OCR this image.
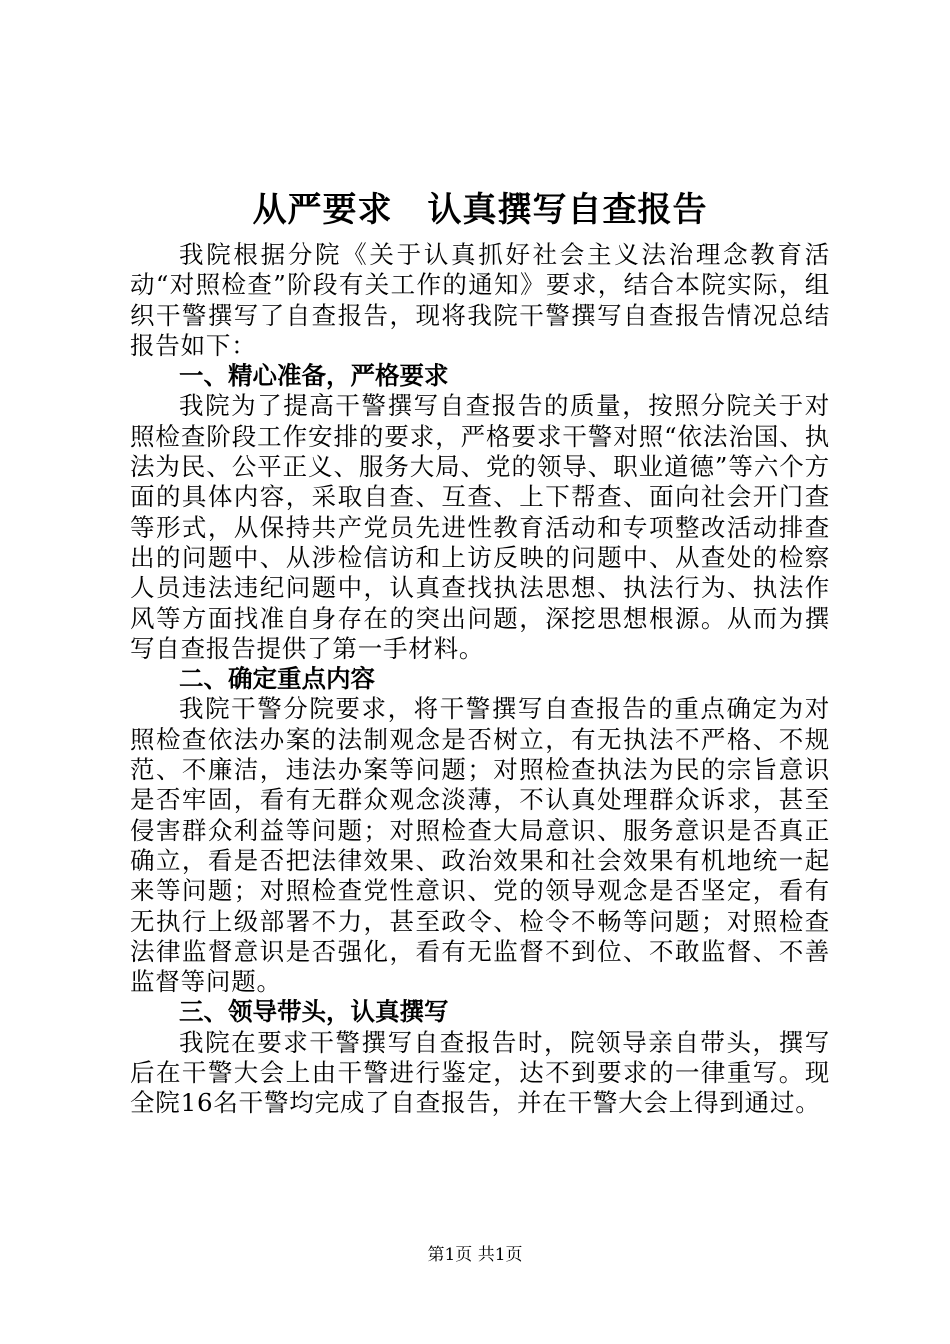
从严要求　认真撰写自查报告

我院根据分院《关于认真抓好社会主义法治理念教育活动“对照检查”阶段有关工作的通知》要求，结合本院实际，组织干警撰写了自查报告，现将我院干警撰写自查报告情况总结报告如下：

一、精心准备，严格要求

我院为了提高干警撰写自查报告的质量，按照分院关于对照检查阶段工作安排的要求，严格要求干警对照“依法治国、执法为民、公平正义、服务大局、党的领导、职业道德”等六个方面的具体内容，采取自查、互查、上下帮查、面向社会开门查等形式，从保持共产党员先进性教育活动和专项整改活动排查出的问题中、从涉检信访和上访反映的问题中、从查处的检察人员违法违纪问题中，认真查找执法思想、执法行为、执法作风等方面找准自身存在的突出问题，深挖思想根源。从而为撰写自查报告提供了第一手材料。

二、确定重点内容

我院干警分院要求，将干警撰写自查报告的重点确定为对照检查依法办案的法制观念是否树立，有无执法不严格、不规范、不廉洁，违法办案等问题；对照检查执法为民的宗旨意识是否牢固，看有无群众观念淡薄，不认真处理群众诉求，甚至侵害群众利益等问题；对照检查大局意识、服务意识是否真正确立，看是否把法律效果、政治效果和社会效果有机地统一起来等问题；对照检查党性意识、党的领导观念是否坚定，看有无执行上级部署不力，甚至政令、检令不畅等问题；对照检查法律监督意识是否强化，看有无监督不到位、不敢监督、不善监督等问题。

三、领导带头，认真撰写

我院在要求干警撰写自查报告时，院领导亲自带头，撰写后在干警大会上由干警进行鉴定，达不到要求的一律重写。现全院16名干警均完成了自查报告，并在干警大会上得到通过。

第1页 共1页
